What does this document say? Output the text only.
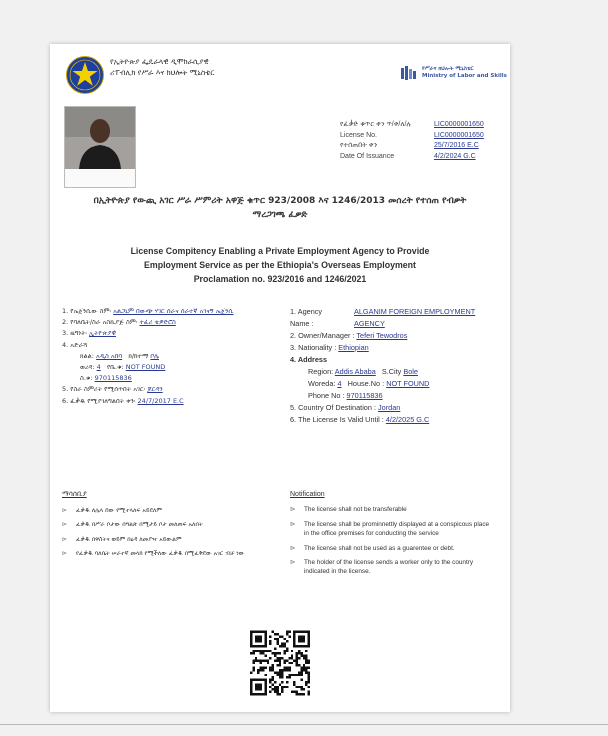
የኢትዮጵያ ፌዴራላዊ ዲሞክራሲያዊ
ሪፐብሊክ የሥራ እና ክህሎት ሚኒስቴር	የሥራና ክህሎት ሚኒስቴር
Ministry of Labor and Skills
የፈቃድ ቁጥር ቀን ጥ/ቀ/ለ/ሉ	LIC0000001650
License No.	LIC0000001650
የተሰጠበት ቀን	25/7/2016 E.C
Date Of Issuance	4/2/2024 G.C
በኢትዮጵያ የውጪ አገር ሥራ ሥምሪት አዋጅ ቁጥር 923/2008 እና 1246/2013 መሰረት የተሰጠ የብቃት
ማረጋገጫ ፈቃድ
License Compitency Enabling a Private Employment Agency to Provide
Employment Service as per the Ethiopia's Overseas Employment
Proclamation no. 923/2016 and 1246/2021
1. የኤጀንሲው ስም፡ አልጋኒም በውጭ ሃገር ሰራና ሰራተኛ አገናኝ ኤጀንሲ
2. የባለቤት/ስራ አስኪያጅ ስም፡ ተፈሪ ቴዎድሮስ
3. ዜግነት፡ ኢትዮጵያዊ
4. አድራሻ
ክልል: አዲስ አበባ ክ/ከተማ ቦሌ
ወረዳ: 4 የቤ.ቁ: NOT FOUND
ስ.ቁ: 970115836
5. የስራ ስምሪት የሚሰጥበት አገር፡ ጆርዳን
6. ፈቃዱ የሚያገለግልበት ቀን፡ 24/7/2017 E.C
1. Agency
Name :
ALGANIM FOREIGN EMPLOYMENT
AGENCY
2. Owner/Manager : Teferi Tewodros
3. Nationality : Ethiopian
4. Address
Region: Addis Ababa S.City Bole
Woreda: 4 House.No : NOT FOUND
Phone No : 970115836
5. Country Of Destination : Jordan
6. The License Is Valid Until : 4/2/2025 G.C
ማሳሰቢያ
⊳	ፈቃዱ ለሌላ ሰው የሚተላለፍ አይደለም
⊳	ፈቃዱ በሥራ ቦታው በግልጽ በሚታይ ቦታ መለጠፍ አለበት
⊳	ፈቃዱ በዋስትና ወይም በዕዳ ለመያዣ አይውልም
⊳	የፈቃዱ ባለቤት ሠራተኛ መላክ የሚችለው ፈቃዱ በሚፈቅደው አገር ብቻ ነው
Notification
⊳	The license shall not be transferable
⊳	The license shall be prominnettly displayed at a conspicous place in the office premises for conducting the service
⊳	The license shall not be used as a guarentee or debt.
⊳	The holder of the license sends a worker only to the country indicated in the license.
